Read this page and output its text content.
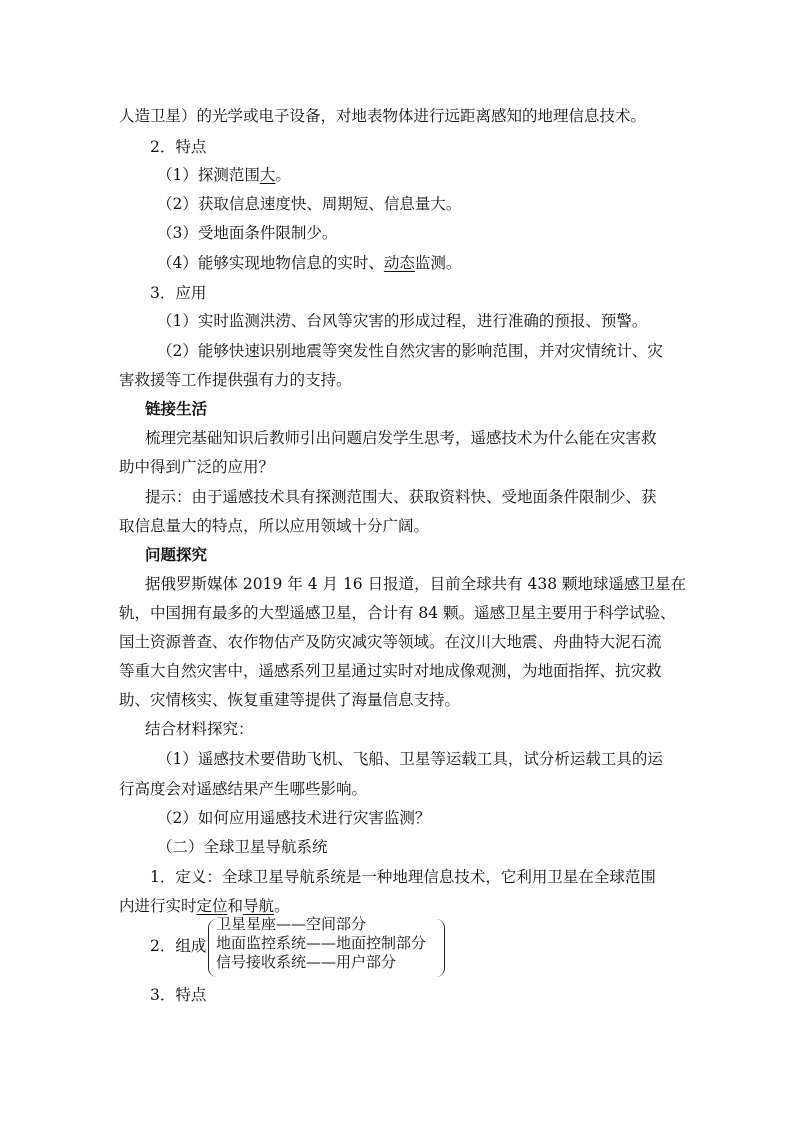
人造卫星）的光学或电子设备，对地表物体进行远距离感知的地理信息技术。
2．特点
（1）探测范围大。
（2）获取信息速度快、周期短、信息量大。
（3）受地面条件限制少。
（4）能够实现地物信息的实时、动态监测。
3．应用
（1）实时监测洪涝、台风等灾害的形成过程，进行准确的预报、预警。
（2）能够快速识别地震等突发性自然灾害的影响范围，并对灾情统计、灾
害救援等工作提供强有力的支持。
链接生活
梳理完基础知识后教师引出问题启发学生思考，遥感技术为什么能在灾害救
助中得到广泛的应用？
提示：由于遥感技术具有探测范围大、获取资料快、受地面条件限制少、获
取信息量大的特点，所以应用领域十分广阔。
问题探究
据俄罗斯媒体 2019 年 4 月 16 日报道，目前全球共有 438 颗地球遥感卫星在
轨，中国拥有最多的大型遥感卫星，合计有 84 颗。遥感卫星主要用于科学试验、
国土资源普查、农作物估产及防灾减灾等领域。在汶川大地震、舟曲特大泥石流
等重大自然灾害中，遥感系列卫星通过实时对地成像观测，为地面指挥、抗灾救
助、灾情核实、恢复重建等提供了海量信息支持。
结合材料探究：
（1）遥感技术要借助飞机、飞船、卫星等运载工具，试分析运载工具的运
行高度会对遥感结果产生哪些影响。
（2）如何应用遥感技术进行灾害监测？
（二）全球卫星导航系统
1．定义：全球卫星导航系统是一种地理信息技术，它利用卫星在全球范围
内进行实时定位和导航。
2．组成
卫星星座——空间部分
地面监控系统——地面控制部分
信号接收系统——用户部分
3．特点
